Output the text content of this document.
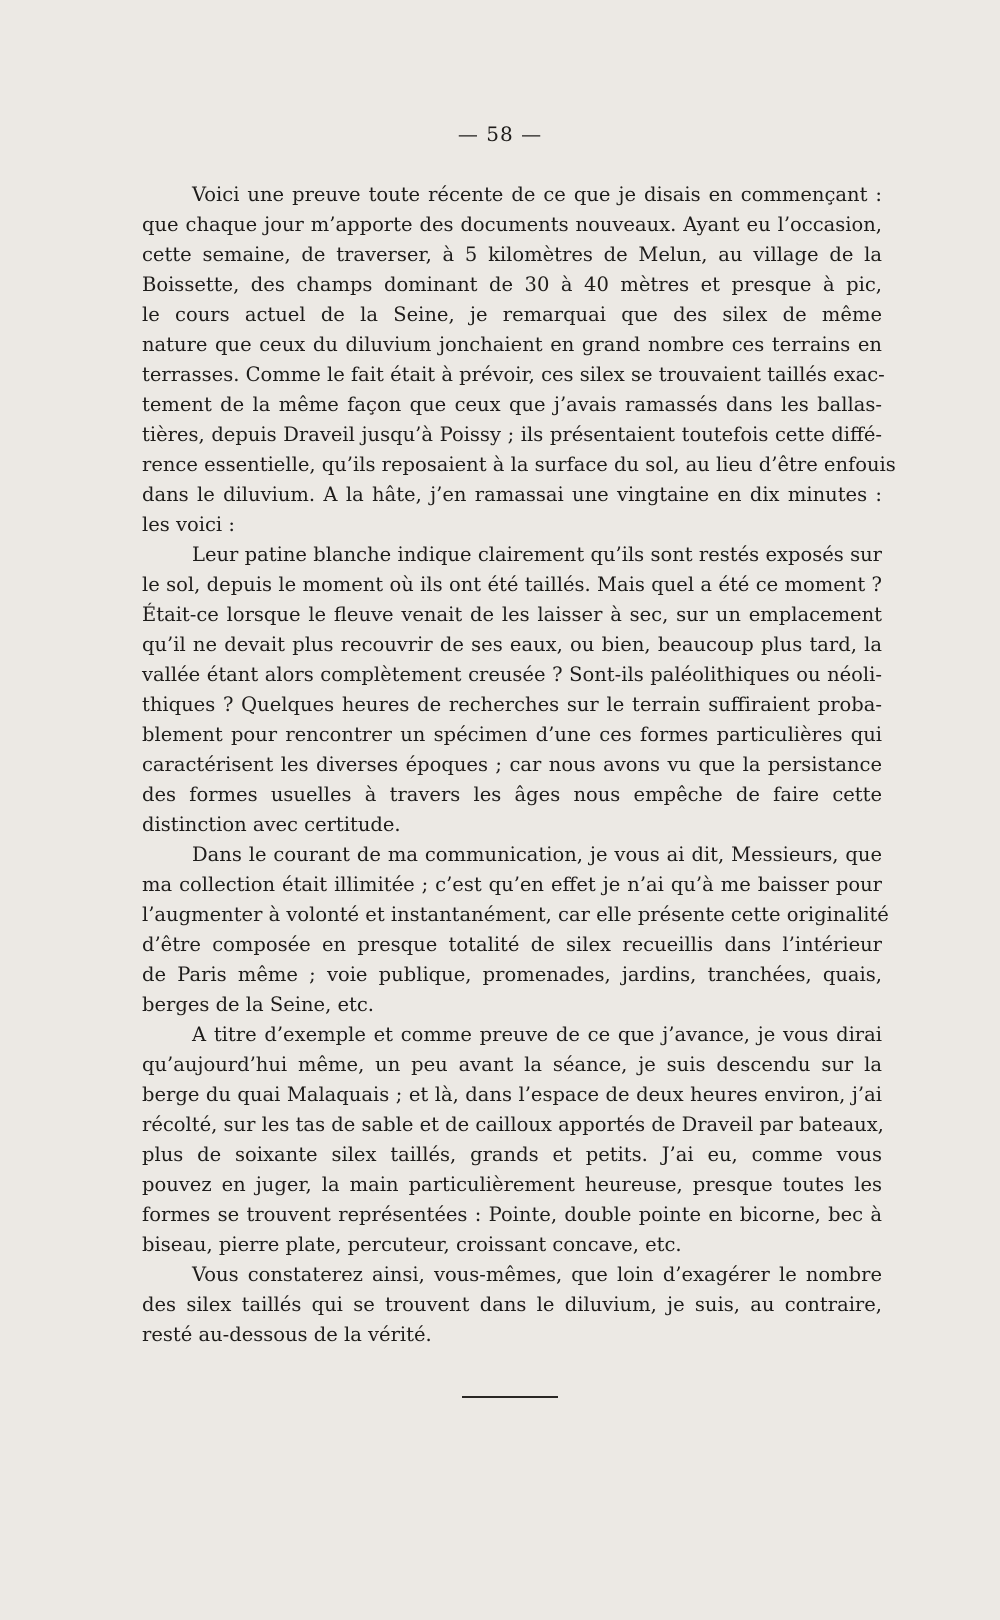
— 58 —
Voici une preuve toute récente de ce que je disais en commençant :
que chaque jour m’apporte des documents nouveaux. Ayant eu l’occasion,
cette semaine, de traverser, à 5 kilomètres de Melun, au village de la
Boissette, des champs dominant de 30 à 40 mètres et presque à pic,
le cours actuel de la Seine, je remarquai que des silex de même
nature que ceux du diluvium jonchaient en grand nombre ces terrains en
terrasses. Comme le fait était à prévoir, ces silex se trouvaient taillés exac-
tement de la même façon que ceux que j’avais ramassés dans les ballas-
tières, depuis Draveil jusqu’à Poissy ; ils présentaient toutefois cette diffé-
rence essentielle, qu’ils reposaient à la surface du sol, au lieu d’être enfouis
dans le diluvium. A la hâte, j’en ramassai une vingtaine en dix minutes :
les voici :
Leur patine blanche indique clairement qu’ils sont restés exposés sur
le sol, depuis le moment où ils ont été taillés. Mais quel a été ce moment ?
Était-ce lorsque le fleuve venait de les laisser à sec, sur un emplacement
qu’il ne devait plus recouvrir de ses eaux, ou bien, beaucoup plus tard, la
vallée étant alors complètement creusée ? Sont-ils paléolithiques ou néoli-
thiques ? Quelques heures de recherches sur le terrain suffiraient proba-
blement pour rencontrer un spécimen d’une ces formes particulières qui
caractérisent les diverses époques ; car nous avons vu que la persistance
des formes usuelles à travers les âges nous empêche de faire cette
distinction avec certitude.
Dans le courant de ma communication, je vous ai dit, Messieurs, que
ma collection était illimitée ; c’est qu’en effet je n’ai qu’à me baisser pour
l’augmenter à volonté et instantanément, car elle présente cette originalité
d’être composée en presque totalité de silex recueillis dans l’intérieur
de Paris même ; voie publique, promenades, jardins, tranchées, quais,
berges de la Seine, etc.
A titre d’exemple et comme preuve de ce que j’avance, je vous dirai
qu’aujourd’hui même, un peu avant la séance, je suis descendu sur la
berge du quai Malaquais ; et là, dans l’espace de deux heures environ, j’ai
récolté, sur les tas de sable et de cailloux apportés de Draveil par bateaux,
plus de soixante silex taillés, grands et petits. J’ai eu, comme vous
pouvez en juger, la main particulièrement heureuse, presque toutes les
formes se trouvent représentées : Pointe, double pointe en bicorne, bec à
biseau, pierre plate, percuteur, croissant concave, etc.
Vous constaterez ainsi, vous-mêmes, que loin d’exagérer le nombre
des silex taillés qui se trouvent dans le diluvium, je suis, au contraire,
resté au-dessous de la vérité.
